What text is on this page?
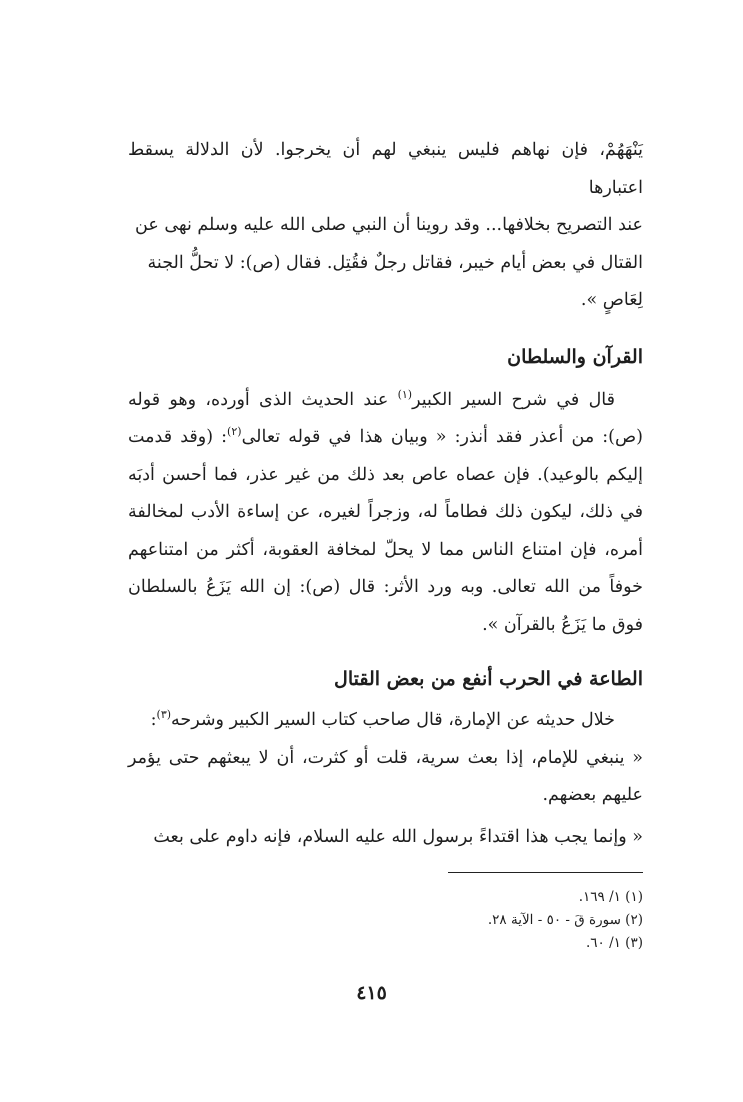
يَنْهَهُمْ، فإن نهاهم فليس ينبغي لهم أن يخرجوا. لأن الدلالة يسقط اعتبارها
عند التصريح بخلافها... وقد روينا أن النبي صلى الله عليه وسلم نهى عن
القتال في بعض أيام خيبر، فقاتل رجلٌ فقُتِل. فقال (ص): لا تحلُّ الجنة
لِعَاصٍ ».
القرآن والسلطان

قال في شرح السير الكبير$^{(١)}$ عند الحديث الذى أورده، وهو قوله (ص): من أعذر فقد أنذر: « وبيان هذا في قوله تعالى$^{(٢)}$: (وقد قدمت إليكم بالوعيد). فإن عصاه عاص بعد ذلك من غير عذر، فما أحسن أدبَه في ذلك، ليكون ذلك فطاماً له، وزجراً لغيره، عن إساءة الأدب لمخالفة أمره، فإن امتناع الناس مما لا يحلّ لمخافة العقوبة، أكثر من امتناعهم خوفاً من الله تعالى. وبه ورد الأثر: قال (ص): إن الله يَزَعُ بالسلطان فوق ما يَزَعُ بالقرآن ».

الطاعة في الحرب أنفع من بعض القتال

خلال حديثه عن الإمارة، قال صاحب كتاب السير الكبير وشرحه$^{(٣)}$:

« ينبغي للإمام، إذا بعث سرية، قلت أو كثرت، أن لا يبعثهم حتى يؤمر عليهم بعضهم.

« وإنما يجب هذا اقتداءً برسول الله عليه السلام، فإنه داوم على بعث

(١) ١/ ١٦٩.
(٢) سورة قَ - ٥٠ - الآية ٢٨.
(٣) ١/ ٦٠.
٤١٥
